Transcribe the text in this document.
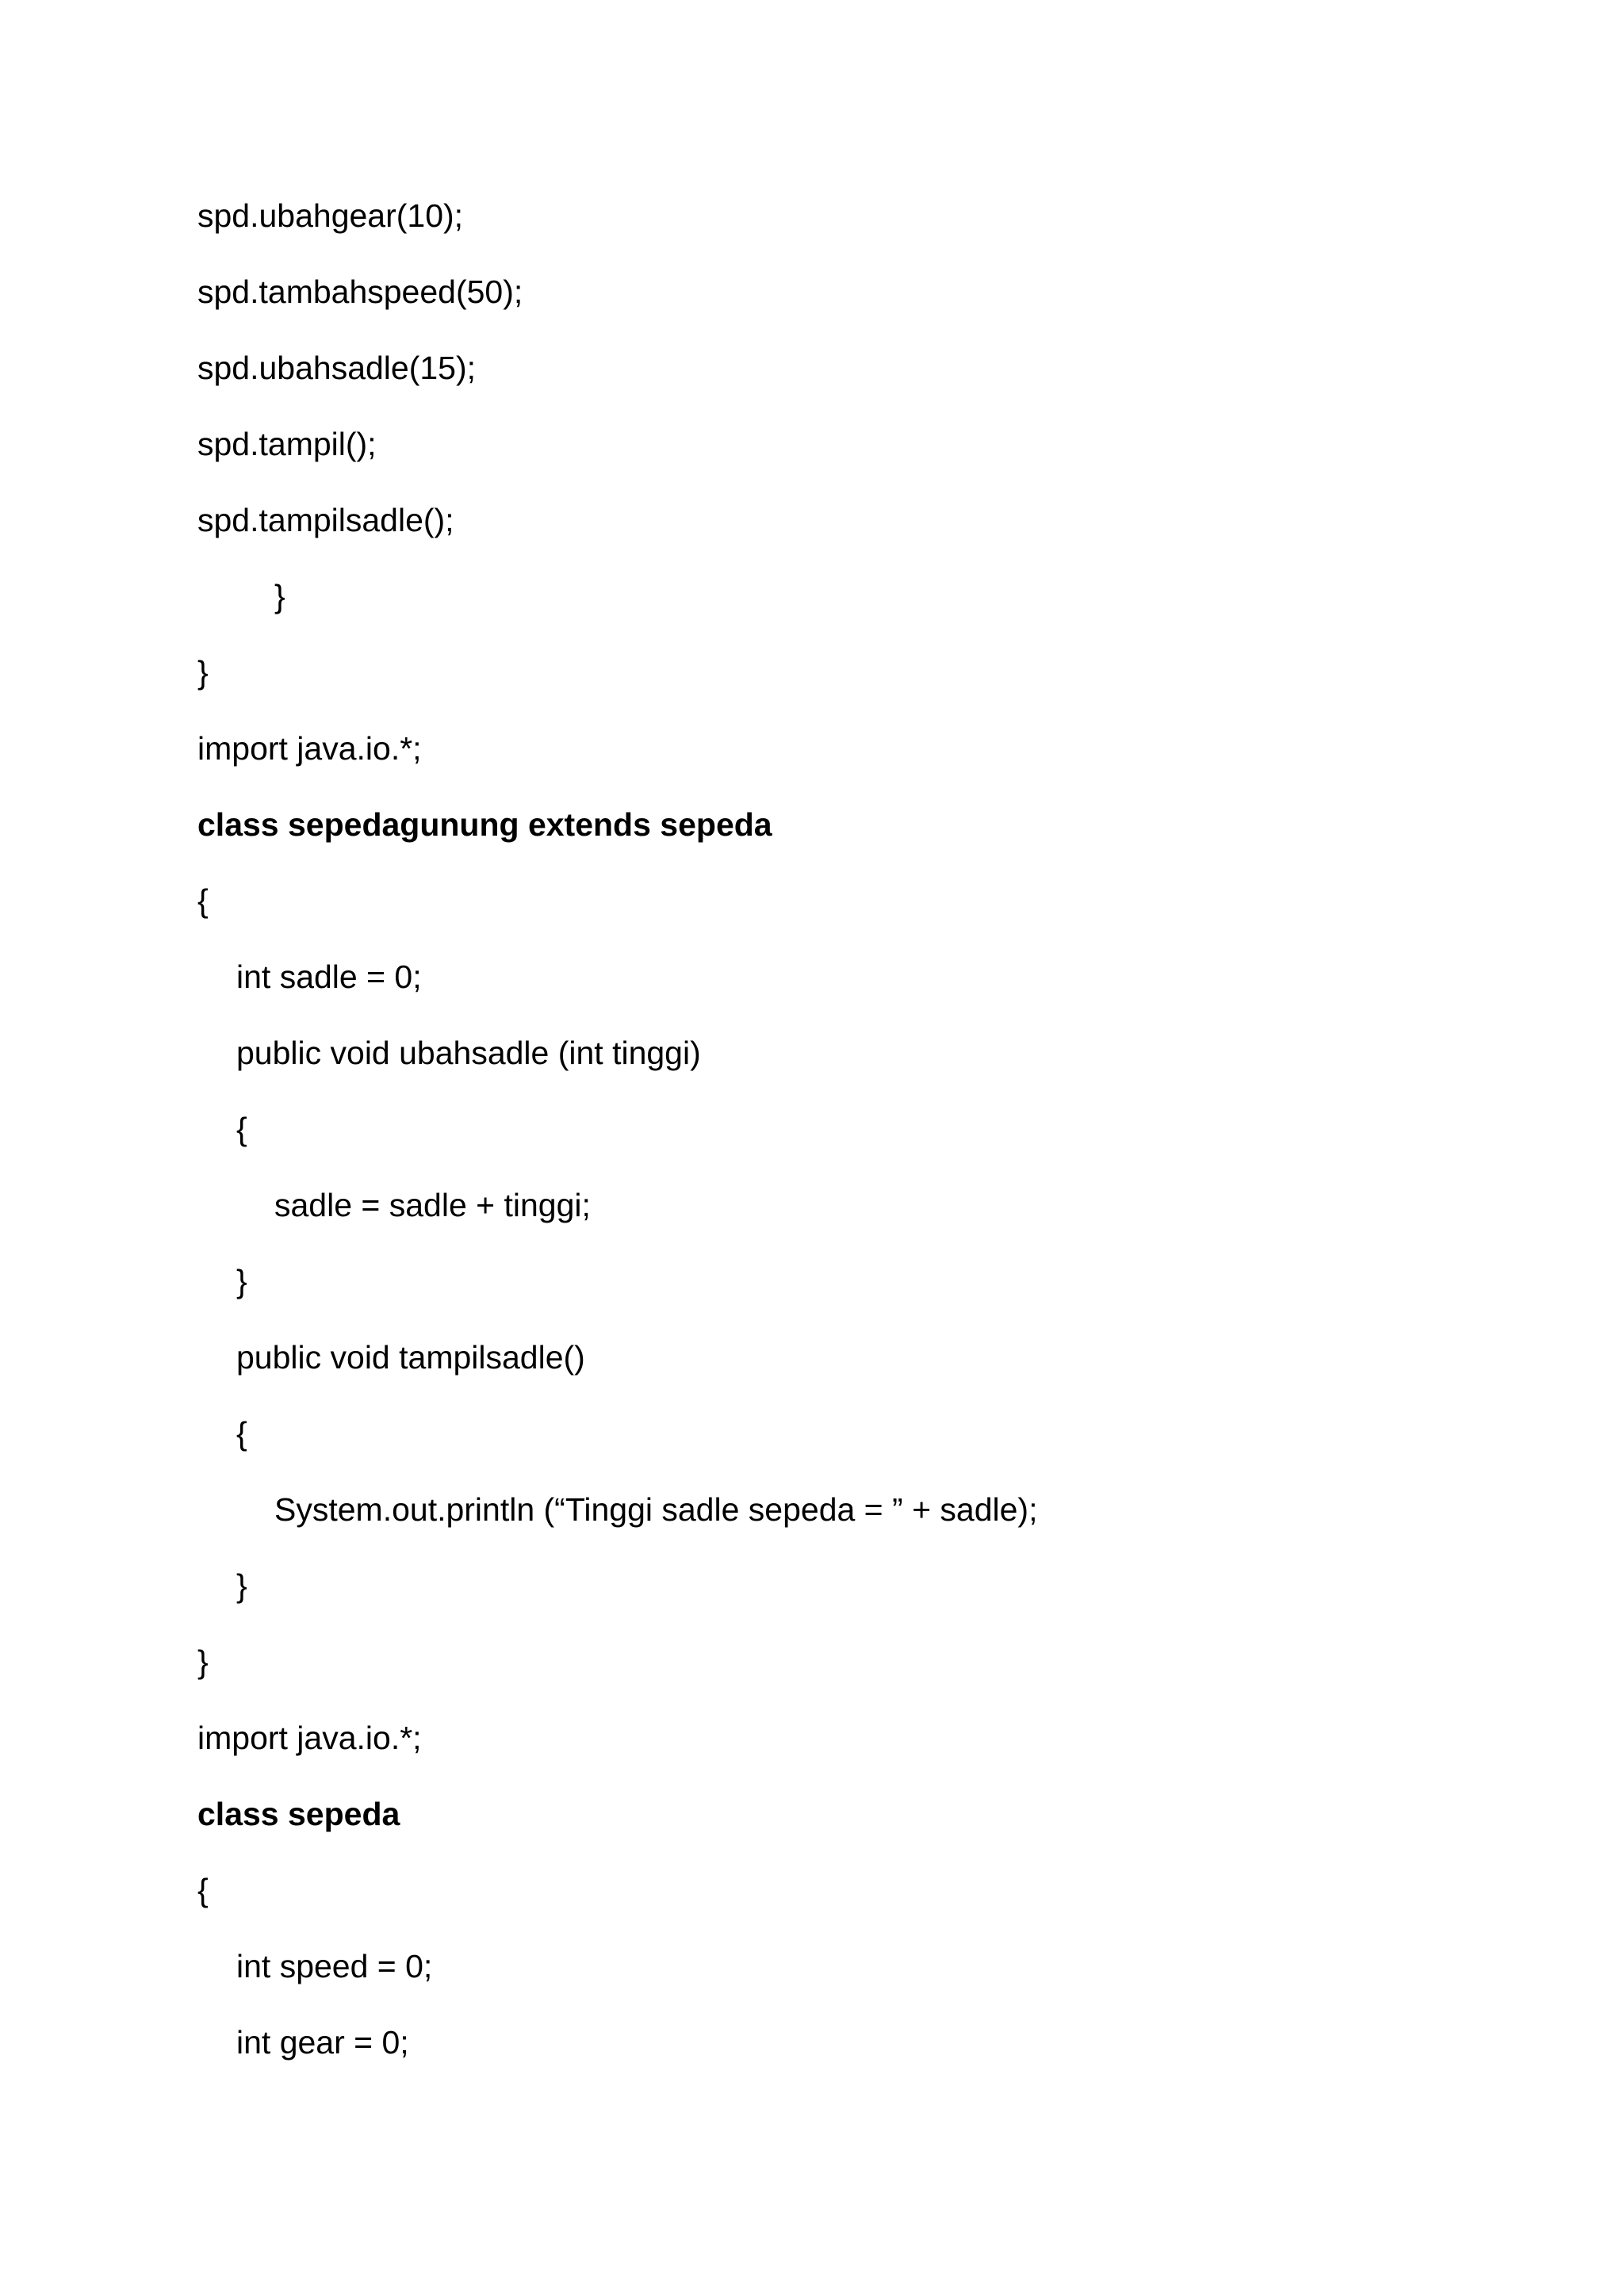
spd.ubahgear(10);

spd.tambahspeed(50);

spd.ubahsadle(15);

spd.tampil();

spd.tampilsadle();

}

}

import java.io.*;

class sepedagunung extends sepeda

{

int sadle = 0;

public void ubahsadle (int tinggi)

{

sadle = sadle + tinggi;

}

public void tampilsadle()

{

System.out.println (“Tinggi sadle sepeda = ” + sadle);

}

}

import java.io.*;

class sepeda

{

int speed = 0;

int gear = 0;
